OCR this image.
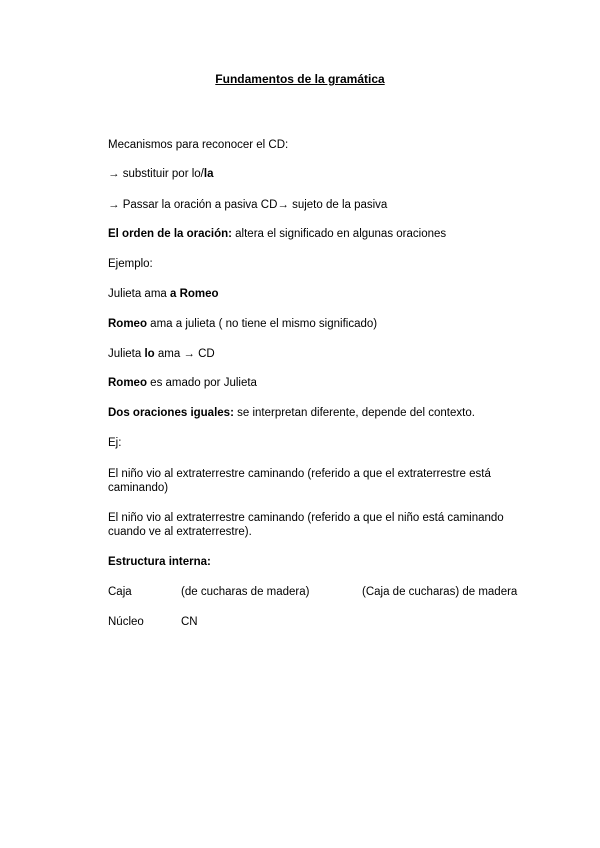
Fundamentos de la gramática
Mecanismos para reconocer el CD:
→ substituir por lo/la
→ Passar la oración a pasiva CD→ sujeto de la pasiva
El orden de la oración: altera el significado en algunas oraciones
Ejemplo:
Julieta ama a Romeo
Romeo ama a julieta ( no tiene el mismo significado)
Julieta lo ama → CD
Romeo es amado por Julieta
Dos oraciones iguales: se interpretan diferente, depende del contexto.
Ej:
El niño vio al extraterrestre caminando (referido a que el extraterrestre está caminando)
El niño vio al extraterrestre caminando (referido a que el niño está caminando cuando ve al extraterrestre).
Estructura interna:
Caja	(de cucharas de madera)	(Caja de cucharas) de madera
Núcleo	CN
